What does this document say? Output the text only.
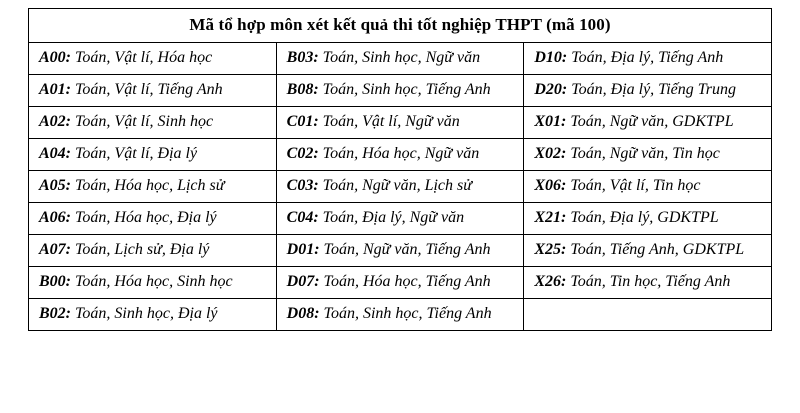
Mã tổ hợp môn xét kết quả thi tốt nghiệp THPT (mã 100)		

A00: Toán, Vật lí, Hóa học	B03: Toán, Sinh học, Ngữ văn	D10: Toán, Địa lý, Tiếng Anh

A01: Toán, Vật lí, Tiếng Anh	B08: Toán, Sinh học, Tiếng Anh	D20: Toán, Địa lý, Tiếng Trung

A02: Toán, Vật lí, Sinh học	C01: Toán, Vật lí, Ngữ văn	X01: Toán, Ngữ văn, GDKTPL

A04: Toán, Vật lí, Địa lý	C02: Toán, Hóa học, Ngữ văn	X02: Toán, Ngữ văn, Tin học

A05: Toán, Hóa học, Lịch sử	C03: Toán, Ngữ văn, Lịch sử	X06: Toán, Vật lí, Tin học

A06: Toán, Hóa học, Địa lý	C04: Toán, Địa lý, Ngữ văn	X21: Toán, Địa lý, GDKTPL

A07: Toán, Lịch sử, Địa lý	D01: Toán, Ngữ văn, Tiếng Anh	X25: Toán, Tiếng Anh, GDKTPL

B00: Toán, Hóa học, Sinh học	D07: Toán, Hóa học, Tiếng Anh	X26: Toán, Tin học, Tiếng Anh

B02: Toán, Sinh học, Địa lý	D08: Toán, Sinh học, Tiếng Anh	
